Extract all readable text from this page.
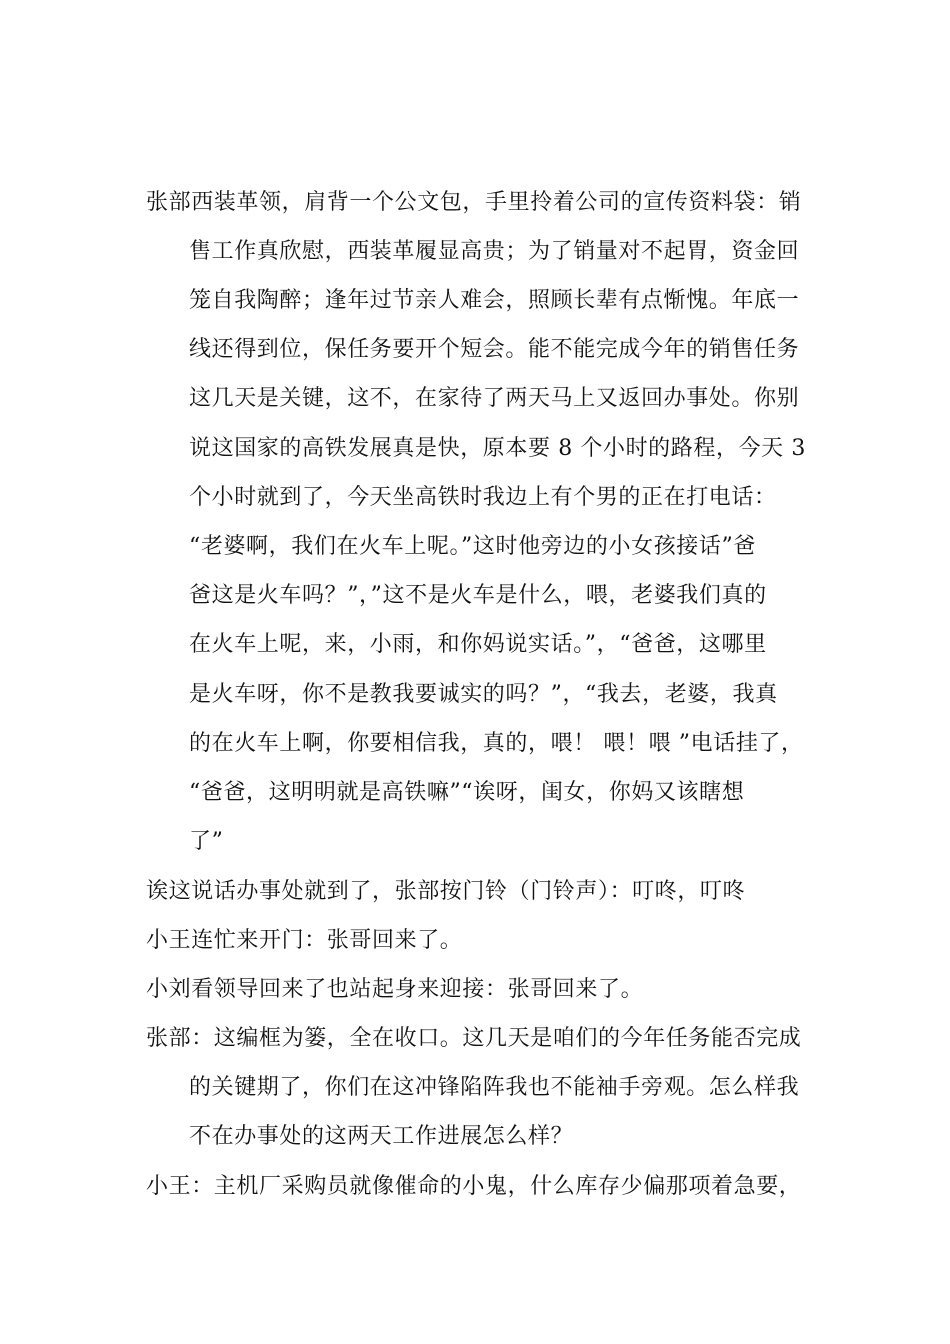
张部西装革领，肩背一个公文包，手里拎着公司的宣传资料袋：销
售工作真欣慰，西装革履显高贵；为了销量对不起胃，资金回
笼自我陶醉；逢年过节亲人难会，照顾长辈有点惭愧。年底一
线还得到位，保任务要开个短会。能不能完成今年的销售任务
这几天是关键，这不，在家待了两天马上又返回办事处。你别
说这国家的高铁发展真是快，原本要 8 个小时的路程，今天 3
个小时就到了，今天坐高铁时我边上有个男的正在打电话：
“老婆啊，我们在火车上呢。”这时他旁边的小女孩接话”爸
爸这是火车吗？”，”这不是火车是什么，喂，老婆我们真的
在火车上呢，来，小雨，和你妈说实话。”，“爸爸，这哪里
是火车呀，你不是教我要诚实的吗？”，“我去，老婆，我真
的在火车上啊，你要相信我，真的，喂！ 喂！喂 ”电话挂了，
“爸爸，这明明就是高铁嘛”“诶呀，闺女，你妈又该瞎想
了”
诶这说话办事处就到了，张部按门铃（门铃声）：叮咚，叮咚
小王连忙来开门：张哥回来了。
小刘看领导回来了也站起身来迎接：张哥回来了。
张部：这编框为篓，全在收口。这几天是咱们的今年任务能否完成
的关键期了，你们在这冲锋陷阵我也不能袖手旁观。怎么样我
不在办事处的这两天工作进展怎么样？
小王：主机厂采购员就像催命的小鬼，什么库存少偏那项着急要，
